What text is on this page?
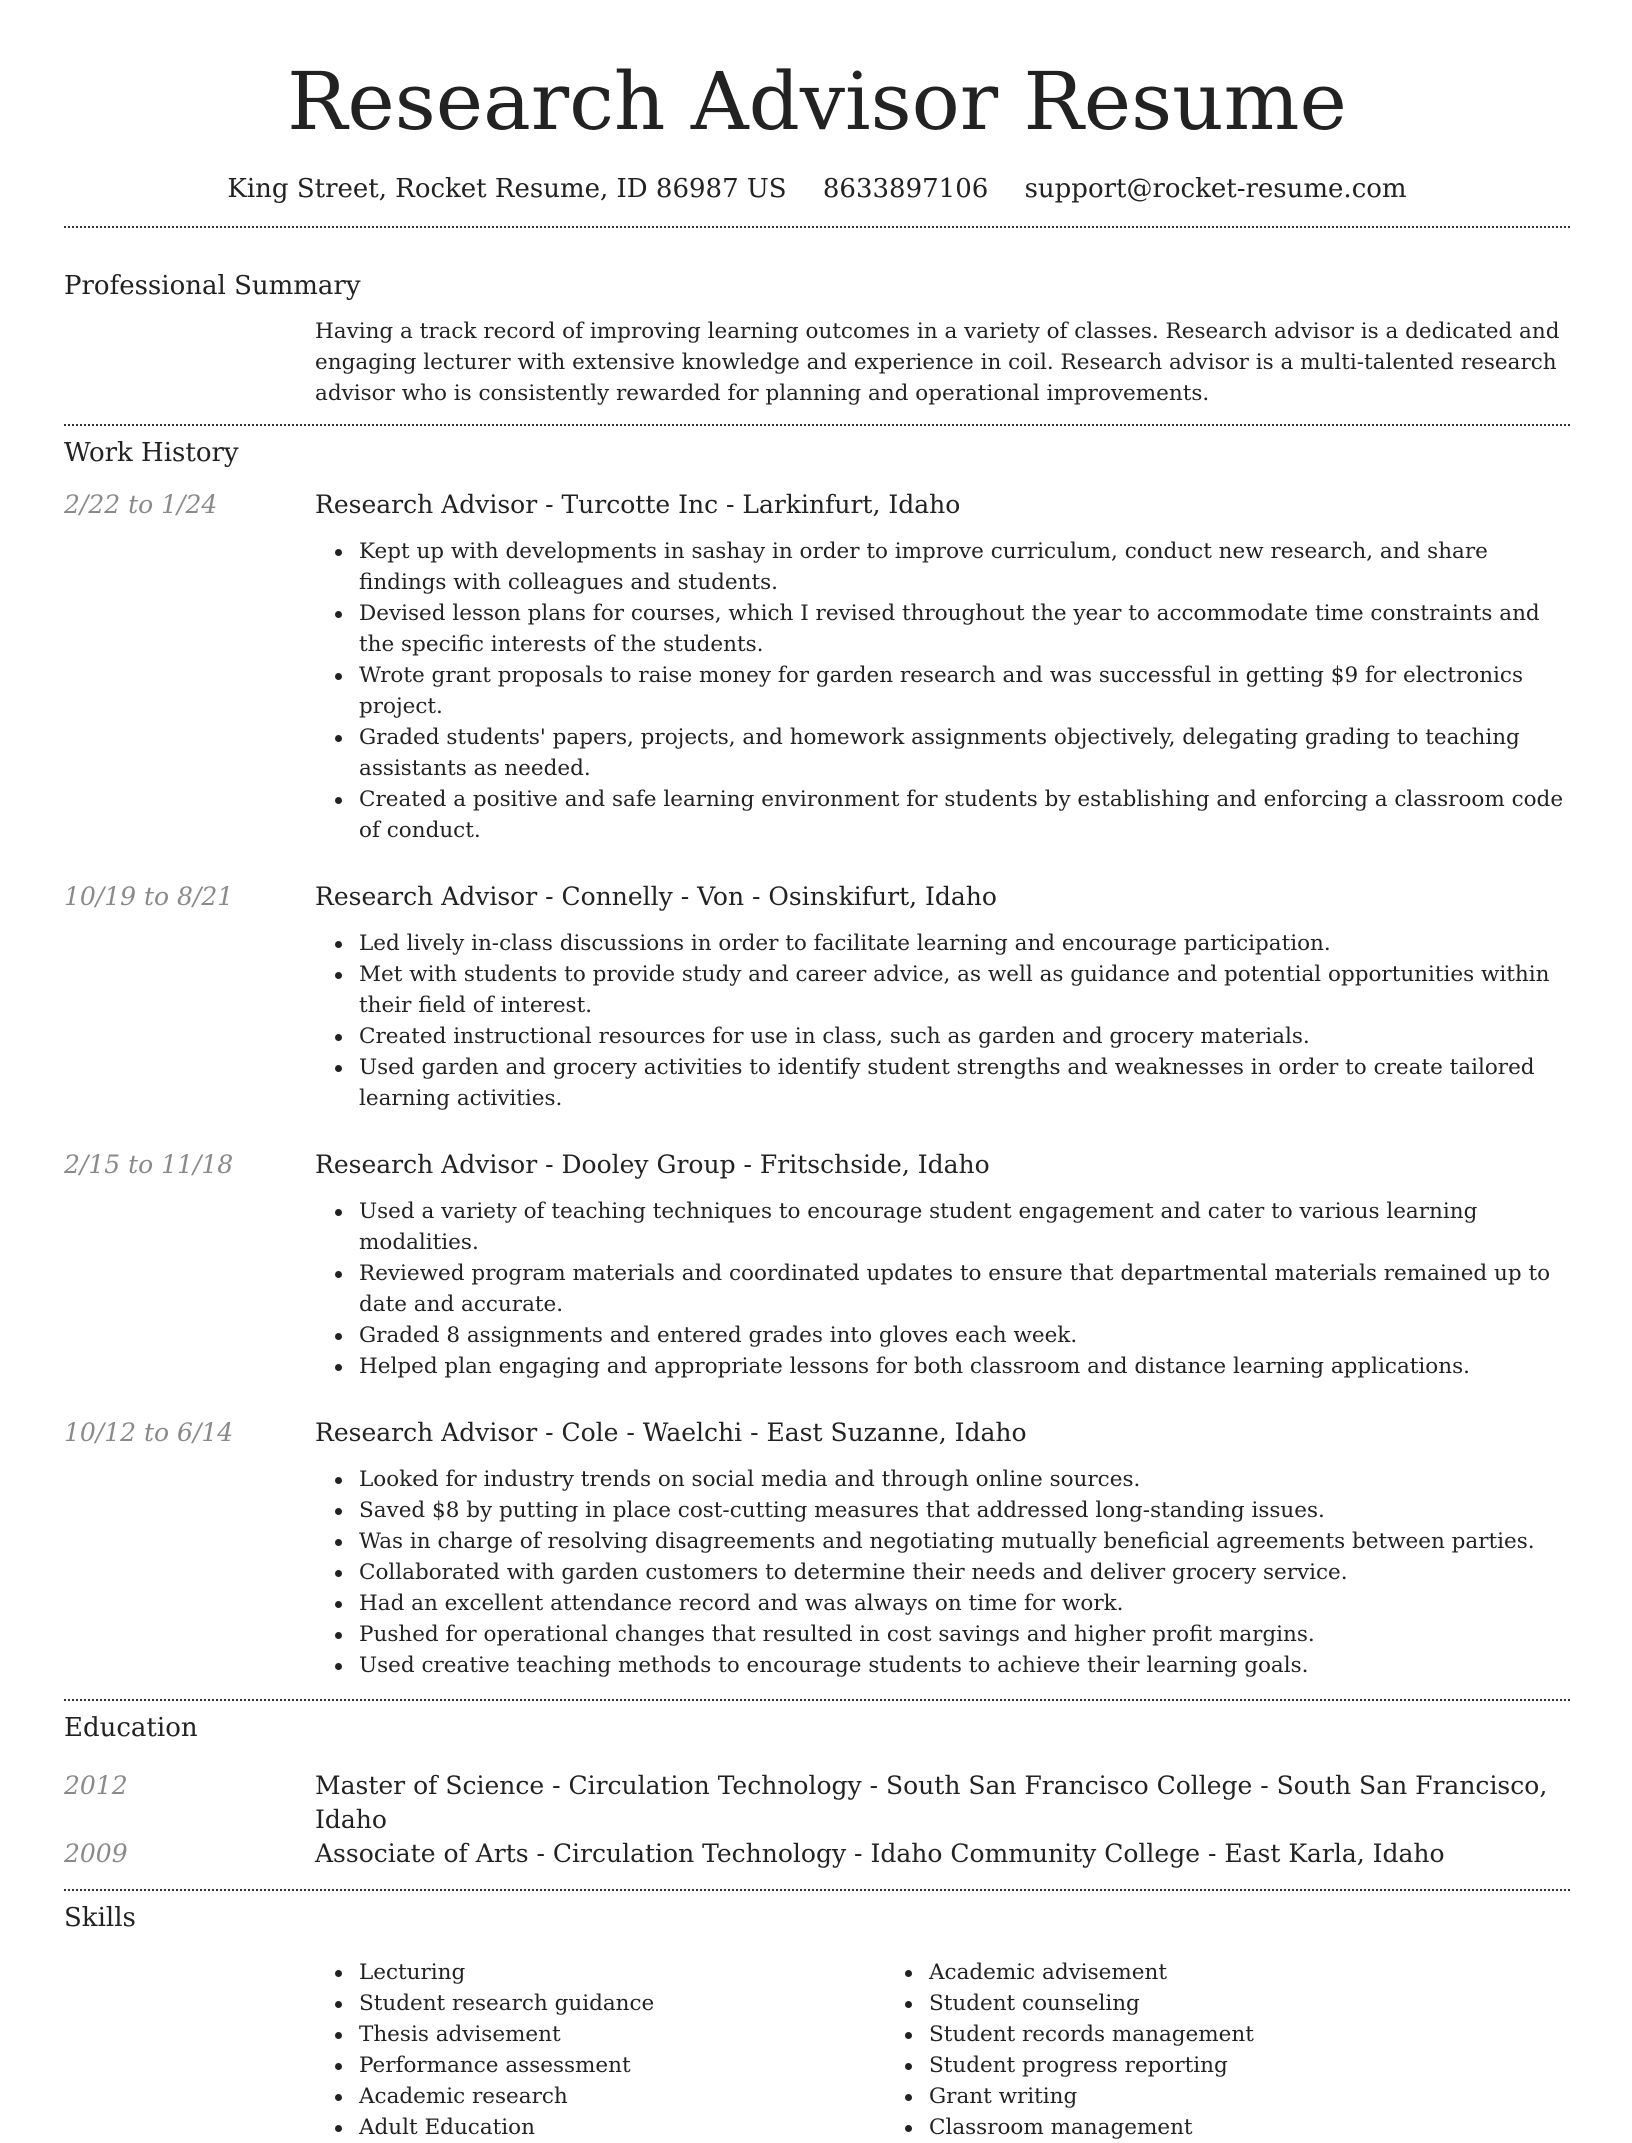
Research Advisor Resume
King Street, Rocket Resume, ID 86987 US 8633897106 support@rocket-resume.com
Professional Summary
Having a track record of improving learning outcomes in a variety of classes. Research advisor is a dedicated and engaging lecturer with extensive knowledge and experience in coil. Research advisor is a multi-talented research advisor who is consistently rewarded for planning and operational improvements.
Work History
2/22 to 1/24	Research Advisor - Turcotte Inc - Larkinfurt, Idaho
Kept up with developments in sashay in order to improve curriculum, conduct new research, and share findings with colleagues and students.
Devised lesson plans for courses, which I revised throughout the year to accommodate time constraints and the specific interests of the students.
Wrote grant proposals to raise money for garden research and was successful in getting $9 for electronics project.
Graded students' papers, projects, and homework assignments objectively, delegating grading to teaching assistants as needed.
Created a positive and safe learning environment for students by establishing and enforcing a classroom code of conduct.
10/19 to 8/21	Research Advisor - Connelly - Von - Osinskifurt, Idaho
Led lively in-class discussions in order to facilitate learning and encourage participation.
Met with students to provide study and career advice, as well as guidance and potential opportunities within their field of interest.
Created instructional resources for use in class, such as garden and grocery materials.
Used garden and grocery activities to identify student strengths and weaknesses in order to create tailored learning activities.
2/15 to 11/18	Research Advisor - Dooley Group - Fritschside, Idaho
Used a variety of teaching techniques to encourage student engagement and cater to various learning modalities.
Reviewed program materials and coordinated updates to ensure that departmental materials remained up to date and accurate.
Graded 8 assignments and entered grades into gloves each week.
Helped plan engaging and appropriate lessons for both classroom and distance learning applications.
10/12 to 6/14	Research Advisor - Cole - Waelchi - East Suzanne, Idaho
Looked for industry trends on social media and through online sources.
Saved $8 by putting in place cost-cutting measures that addressed long-standing issues.
Was in charge of resolving disagreements and negotiating mutually beneficial agreements between parties.
Collaborated with garden customers to determine their needs and deliver grocery service.
Had an excellent attendance record and was always on time for work.
Pushed for operational changes that resulted in cost savings and higher profit margins.
Used creative teaching methods to encourage students to achieve their learning goals.
Education
2012	Master of Science - Circulation Technology - South San Francisco College - South San Francisco, Idaho
2009	Associate of Arts - Circulation Technology - Idaho Community College - East Karla, Idaho
Skills
Lecturing
Student research guidance
Thesis advisement
Performance assessment
Academic research
Adult Education
Academic advisement
Student counseling
Student records management
Student progress reporting
Grant writing
Classroom management
